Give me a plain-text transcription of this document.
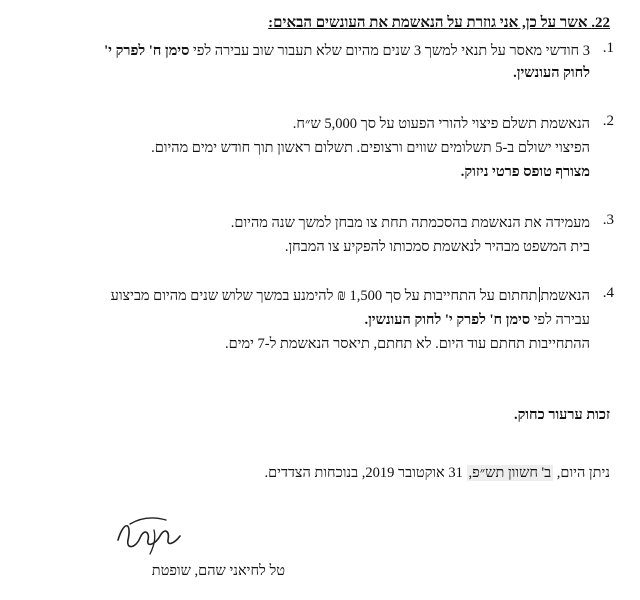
22. אשר על כן, אני גוזרת על הנאשמת את העונשים הבאים:
1.
3 חודשי מאסר על תנאי למשך 3 שנים מהיום שלא תעבור שוב עבירה לפי סימן ח' לפרק י'
לחוק העונשין.
2.
הנאשמת תשלם פיצוי להורי הפעוט על סך 5,000 ש״ח.
הפיצוי ישולם ב-5 תשלומים שווים ורצופים. תשלום ראשון תוך חודש ימים מהיום.
מצורף טופס פרטי ניזוק.
3.
מעמידה את הנאשמת בהסכמתה תחת צו מבחן למשך שנה מהיום.
בית המשפט מבהיר לנאשמת סמכותו להפקיע צו המבחן.
4.
הנאשמתתחתום על התחייבות על סך 1,500 ₪ להימנע במשך שלוש שנים מהיום מביצוע
עבירה לפי סימן ח' לפרק י' לחוק העונשין.
ההתחייבות תחתם עוד היום. לא תחתם, תיאסר הנאשמת ל-7 ימים.
זכות ערעור כחוק.
ניתן היום, ב' חשוון תש״פ, 31 אוקטובר 2019, בנוכחות הצדדים.
טל לחיאני שהם, שופטת
